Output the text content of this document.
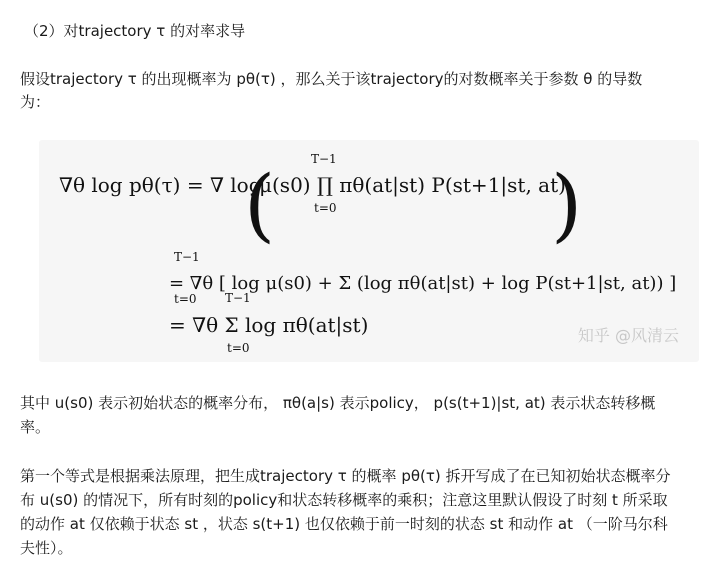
（2）对trajectory τ 的对率求导
假设trajectory τ 的出现概率为 pθ(τ) ，那么关于该trajectory的对数概率关于参数 θ 的导数
为：
∇θ log pθ(τ) = ∇ log
(
μ(s0) ∏ πθ(at|st) P(st+1|st, at)
)
T−1
t=0
T−1
t=0
= ∇θ [ log μ(s0) + Σ (log πθ(at|st) + log P(st+1|st, at)) ]
T−1
t=0
= ∇θ Σ log πθ(at|st)	知乎 @风清云
其中 u(s0) 表示初始状态的概率分布， πθ(a|s) 表示policy， p(s(t+1)|st, at) 表示状态转移概
率。
第一个等式是根据乘法原理，把生成trajectory τ 的概率 pθ(τ) 拆开写成了在已知初始状态概率分
布 u(s0) 的情况下，所有时刻的policy和状态转移概率的乘积；注意这里默认假设了时刻 t 所采取
的动作 at 仅依赖于状态 st ，状态 s(t+1) 也仅依赖于前一时刻的状态 st 和动作 at （一阶马尔科
夫性）。
